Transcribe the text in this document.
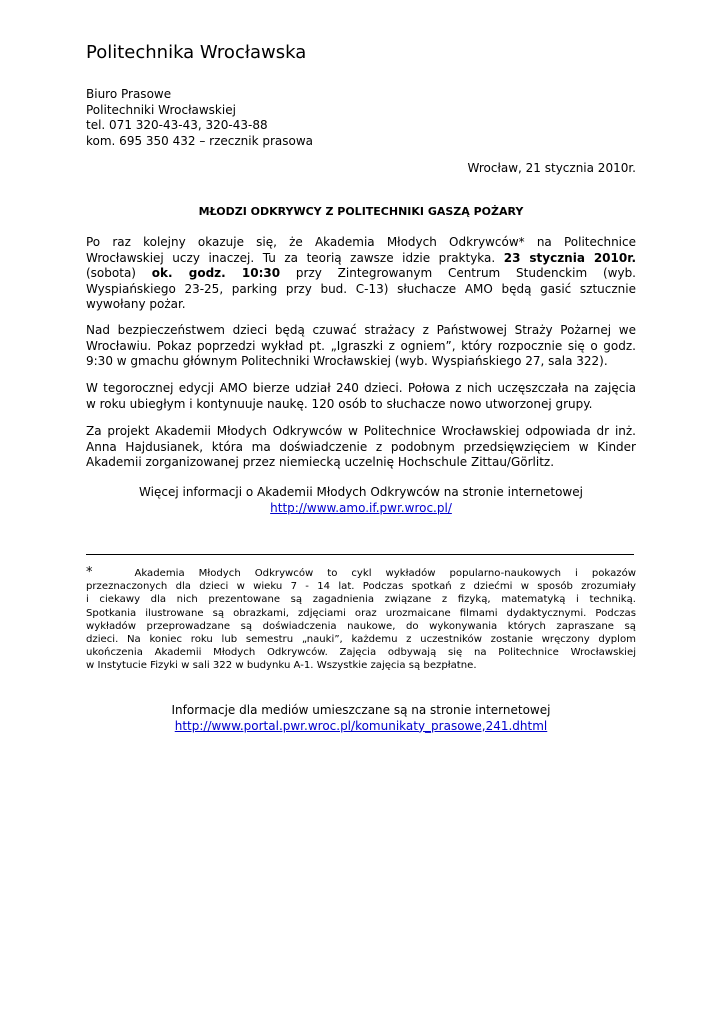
Politechnika Wrocławska
Biuro Prasowe
Politechniki Wrocławskiej
tel. 071 320-43-43, 320-43-88
kom. 695 350 432 – rzecznik prasowa
Wrocław, 21 stycznia 2010r.
MŁODZI ODKRYWCY Z POLITECHNIKI GASZĄ POŻARY
Po raz kolejny okazuje się, że Akademia Młodych Odkrywców* na Politechnice
Wrocławskiej uczy inaczej. Tu za teorią zawsze idzie praktyka. 23 stycznia 2010r.
(sobota) ok. godz. 10:30 przy Zintegrowanym Centrum Studenckim (wyb.
Wyspiańskiego 23-25, parking przy bud. C-13) słuchacze AMO będą gasić sztucznie
wywołany pożar.
Nad bezpieczeństwem dzieci będą czuwać strażacy z Państwowej Straży Pożarnej we
Wrocławiu. Pokaz poprzedzi wykład pt. „Igraszki z ogniem”, który rozpocznie się o godz.
9:30 w gmachu głównym Politechniki Wrocławskiej (wyb. Wyspiańskiego 27, sala 322).
W tegorocznej edycji AMO bierze udział 240 dzieci. Połowa z nich uczęszczała na zajęcia
w roku ubiegłym i kontynuuje naukę. 120 osób to słuchacze nowo utworzonej grupy.
Za projekt Akademii Młodych Odkrywców w Politechnice Wrocławskiej odpowiada dr inż.
Anna Hajdusianek, która ma doświadczenie z podobnym przedsięwzięciem w Kinder
Akademii zorganizowanej przez niemiecką uczelnię Hochschule Zittau/Görlitz.
Więcej informacji o Akademii Młodych Odkrywców na stronie internetowej
http://www.amo.if.pwr.wroc.pl/
*	Akademia Młodych Odkrywców to cykl wykładów popularno-naukowych i pokazów
przeznaczonych dla dzieci w wieku 7 - 14 lat. Podczas spotkań z dziećmi w sposób zrozumiały
i ciekawy dla nich prezentowane są zagadnienia związane z fizyką, matematyką i techniką.
Spotkania ilustrowane są obrazkami, zdjęciami oraz urozmaicane filmami dydaktycznymi. Podczas
wykładów przeprowadzane są doświadczenia naukowe, do wykonywania których zapraszane są
dzieci. Na koniec roku lub semestru „nauki”, każdemu z uczestników zostanie wręczony dyplom
ukończenia Akademii Młodych Odkrywców. Zajęcia odbywają się na Politechnice Wrocławskiej
w Instytucie Fizyki w sali 322 w budynku A-1. Wszystkie zajęcia są bezpłatne.
Informacje dla mediów umieszczane są na stronie internetowej
http://www.portal.pwr.wroc.pl/komunikaty_prasowe,241.dhtml
